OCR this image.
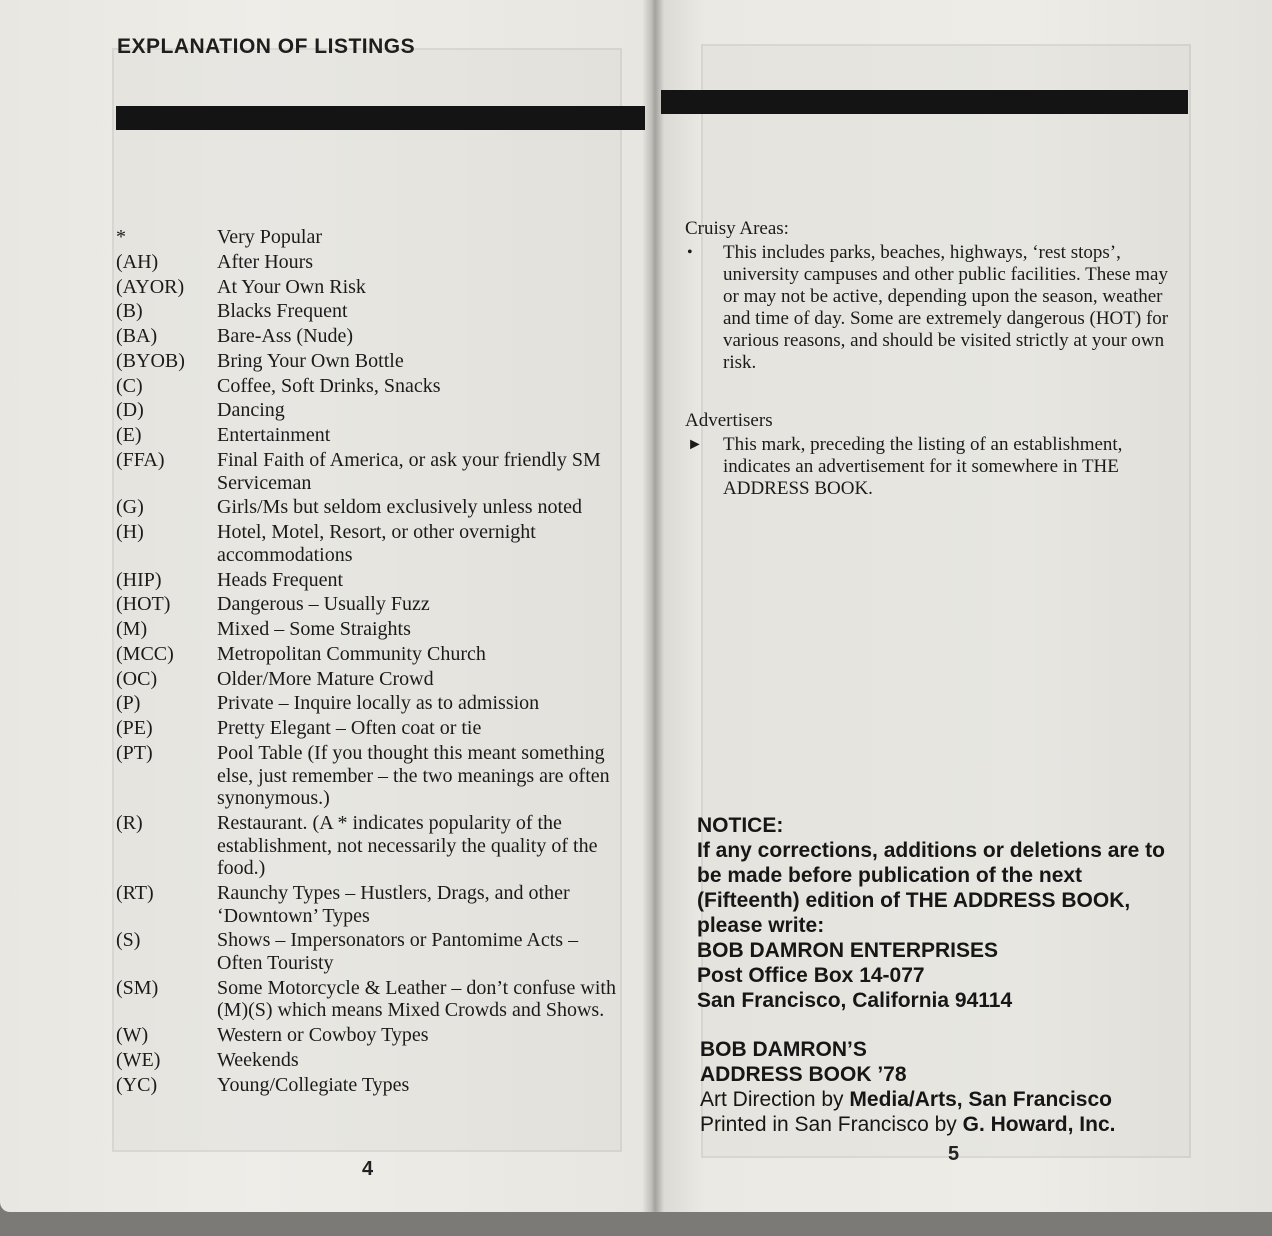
EXPLANATION OF LISTINGS
*	Very Popular
(AH)	After Hours
(AYOR)	At Your Own Risk
(B)	Blacks Frequent
(BA)	Bare-Ass (Nude)
(BYOB)	Bring Your Own Bottle
(C)	Coffee, Soft Drinks, Snacks
(D)	Dancing
(E)	Entertainment
(FFA)	Final Faith of America, or ask your friendly SM Serviceman
(G)	Girls/Ms but seldom exclusively unless noted
(H)	Hotel, Motel, Resort, or other overnight accommodations
(HIP)	Heads Frequent
(HOT)	Dangerous – Usually Fuzz
(M)	Mixed – Some Straights
(MCC)	Metropolitan Community Church
(OC)	Older/More Mature Crowd
(P)	Private – Inquire locally as to admission
(PE)	Pretty Elegant – Often coat or tie
(PT)	Pool Table (If you thought this meant something else, just remember – the two meanings are often synonymous.)
(R)	Restaurant. (A * indicates popularity of the establishment, not necessarily the quality of the food.)
(RT)	Raunchy Types – Hustlers, Drags, and other ‘Downtown’ Types
(S)	Shows – Impersonators or Pantomime Acts – Often Touristy
(SM)	Some Motorcycle & Leather – don’t confuse with (M)(S) which means Mixed Crowds and Shows.
(W)	Western or Cowboy Types
(WE)	Weekends
(YC)	Young/Collegiate Types
4
Cruisy Areas:
•	This includes parks, beaches, highways, ‘rest stops’, university campuses and other public facilities. These may or may not be active, depending upon the season, weather and time of day. Some are extremely dangerous (HOT) for various reasons, and should be visited strictly at your own risk.
Advertisers
►	This mark, preceding the listing of an establishment, indicates an advertisement for it somewhere in THE ADDRESS BOOK.
5
NOTICE:
If any corrections, additions or deletions are to be made before publication of the next (Fifteenth) edition of THE ADDRESS BOOK, please write:
BOB DAMRON ENTERPRISES
Post Office Box 14-077
San Francisco, California 94114
BOB DAMRON’S
ADDRESS BOOK ’78
Art Direction by Media/Arts, San Francisco
Printed in San Francisco by G. Howard, Inc.
